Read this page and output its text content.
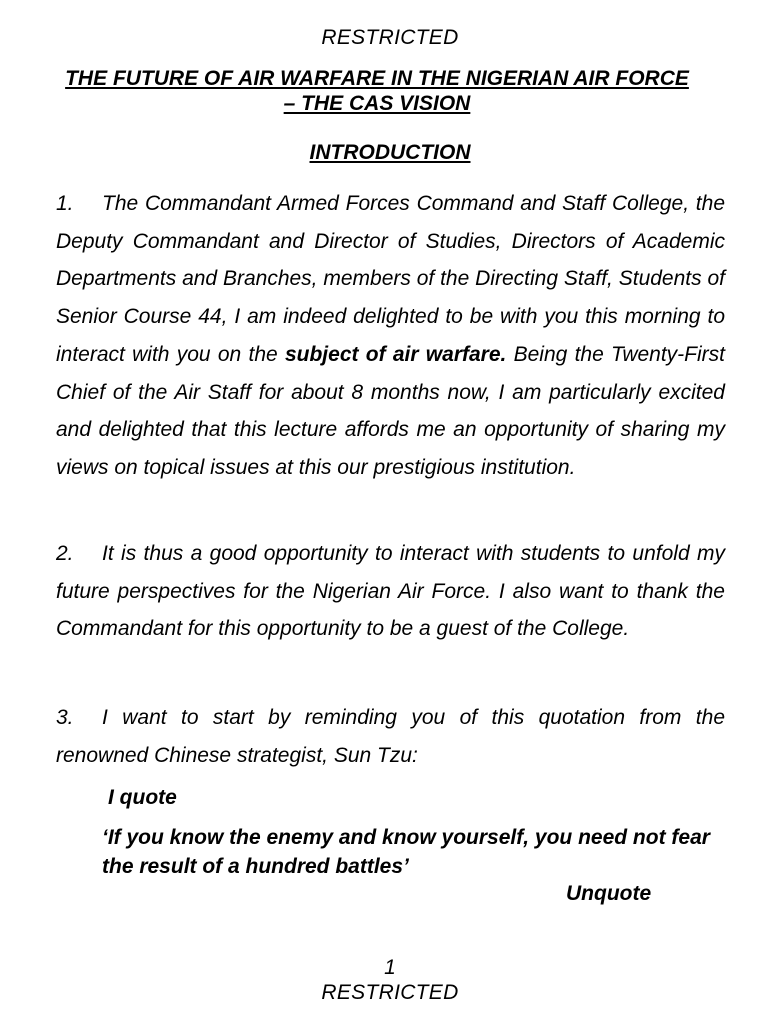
RESTRICTED
THE FUTURE OF AIR WARFARE IN THE NIGERIAN AIR FORCE – THE CAS VISION
INTRODUCTION
1. The Commandant Armed Forces Command and Staff College, the Deputy Commandant and Director of Studies, Directors of Academic Departments and Branches, members of the Directing Staff, Students of Senior Course 44, I am indeed delighted to be with you this morning to interact with you on the subject of air warfare. Being the Twenty-First Chief of the Air Staff for about 8 months now, I am particularly excited and delighted that this lecture affords me an opportunity of sharing my views on topical issues at this our prestigious institution.
2. It is thus a good opportunity to interact with students to unfold my future perspectives for the Nigerian Air Force. I also want to thank the Commandant for this opportunity to be a guest of the College.
3. I want to start by reminding you of this quotation from the renowned Chinese strategist, Sun Tzu:
I quote
‘If you know the enemy and know yourself, you need not fear the result of a hundred battles’
Unquote
1
RESTRICTED
